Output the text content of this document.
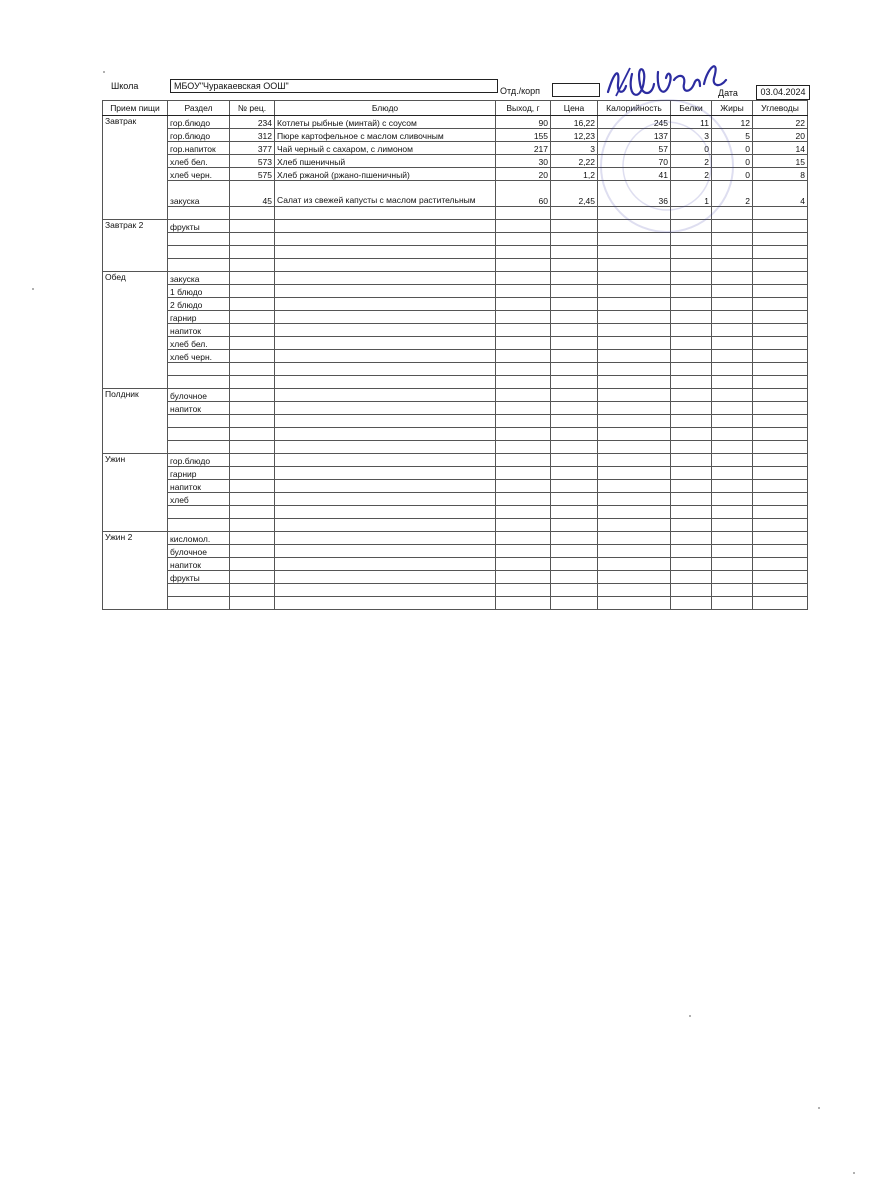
Школа	МБОУ"Чуракаевская ООШ"	Отд./корп	Дата	03.04.2024
Прием пищи	Раздел	№ рец.	Блюдо	Выход, г	Цена	Калорийность	Белки	Жиры	Углеводы
Завтрак	гор.блюдо	234	Котлеты рыбные (минтай) с соусом	90	16,22	245	11	12	22
	гор.блюдо	312	Пюре картофельное с маслом сливочным	155	12,23	137	3	5	20
	гор.напиток	377	Чай черный с сахаром, с лимоном	217	3	57	0	0	14
	хлеб бел.	573	Хлеб пшеничный	30	2,22	70	2	0	15
	хлеб черн.	575	Хлеб ржаной (ржано-пшеничный)	20	1,2	41	2	0	8
	закуска	45	Салат из свежей капусты с маслом растительным	60	2,45	36	1	2	4

Завтрак 2	фрукты								

Обед	закуска								
	1 блюдо								
	2 блюдо								
	гарнир								
	напиток								
	хлеб бел.								
	хлеб черн.								

Полдник	булочное								
	напиток								

Ужин	гор.блюдо								
	гарнир								
	напиток								
	хлеб								

Ужин 2	кисломол.								
	булочное								
	напиток								
	фрукты								
